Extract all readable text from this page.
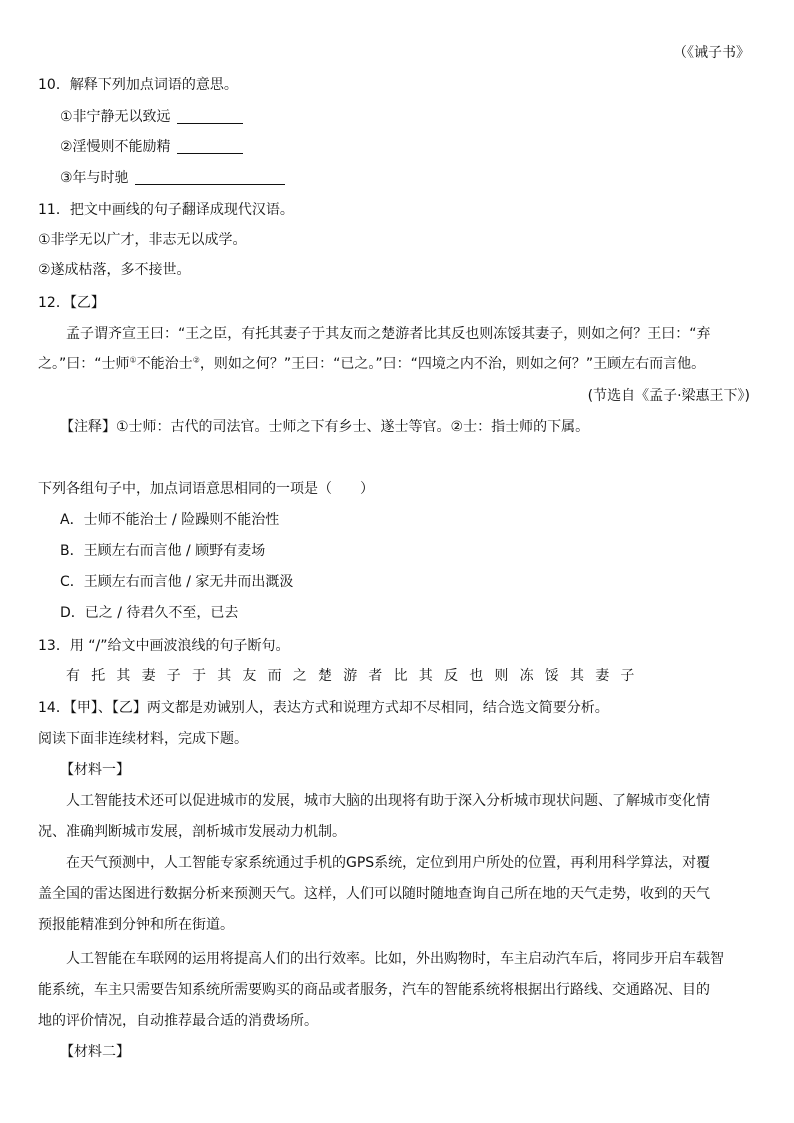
（《诫子书》
10．解释下列加点词语的意思。
①非宁静无以致远
②淫慢则不能励精
③年与时驰
11．把文中画线的句子翻译成现代汉语。
①非学无以广才，非志无以成学。
②遂成枯落，多不接世。
12．【乙】
孟子谓齐宣王曰：“王之臣，有托其妻子于其友而之楚游者比其反也则冻馁其妻子，则如之何？王曰：“弃
之。”曰：“士师①不能治士②，则如之何？”王曰：“已之。”曰：“四境之内不治，则如之何？”王顾左右而言他。
(节选自《孟子·梁惠王下》)
【注释】①士师：古代的司法官。士师之下有乡士、遂士等官。②士：指士师的下属。
下列各组句子中，加点词语意思相同的一项是（　　）
A．士师不能治士 / 险躁则不能治性
B．王顾左右而言他 / 顾野有麦场
C．王顾左右而言他 / 家无井而出溉汲
D．已之 / 待君久不至，已去
13．用 “/”给文中画波浪线的句子断句。
有托其妻子于其友而之楚游者比其反也则冻馁其妻子
14．【甲】、【乙】两文都是劝诫别人，表达方式和说理方式却不尽相同，结合选文简要分析。
阅读下面非连续材料，完成下题。
【材料一】
人工智能技术还可以促进城市的发展，城市大脑的出现将有助于深入分析城市现状问题、了解城市变化情
况、准确判断城市发展，剖析城市发展动力机制。
在天气预测中，人工智能专家系统通过手机的GPS系统，定位到用户所处的位置，再利用科学算法，对覆
盖全国的雷达图进行数据分析来预测天气。这样，人们可以随时随地查询自己所在地的天气走势，收到的天气
预报能精准到分钟和所在街道。
人工智能在车联网的运用将提高人们的出行效率。比如，外出购物时，车主启动汽车后，将同步开启车载智
能系统，车主只需要告知系统所需要购买的商品或者服务，汽车的智能系统将根据出行路线、交通路况、目的
地的评价情况，自动推荐最合适的消费场所。
【材料二】
